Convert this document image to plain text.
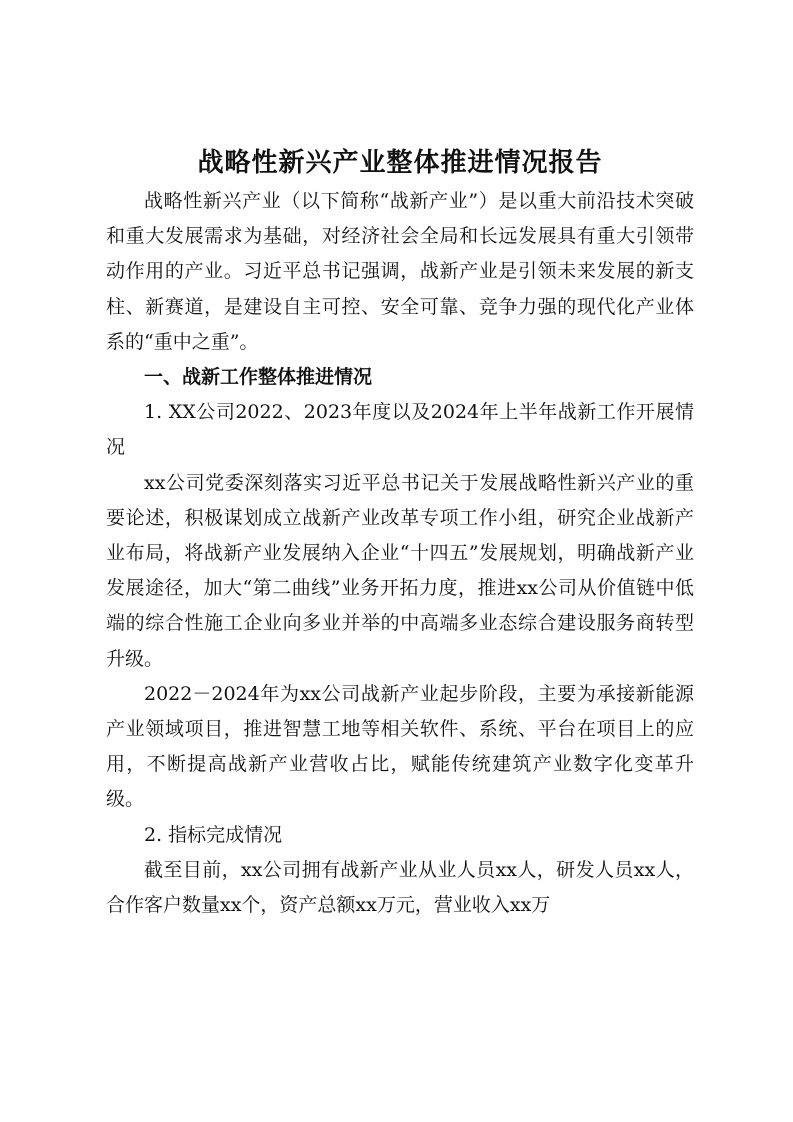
战略性新兴产业整体推进情况报告

战略性新兴产业（以下简称“战新产业”）是以重大前沿技术突破和重大发展需求为基础，对经济社会全局和长远发展具有重大引领带动作用的产业。习近平总书记强调，战新产业是引领未来发展的新支柱、新赛道，是建设自主可控、安全可靠、竞争力强的现代化产业体系的“重中之重”。

一、战新工作整体推进情况

1. XX公司2022、2023年度以及2024年上半年战新工作开展情况

xx公司党委深刻落实习近平总书记关于发展战略性新兴产业的重要论述，积极谋划成立战新产业改革专项工作小组，研究企业战新产业布局，将战新产业发展纳入企业“十四五”发展规划，明确战新产业发展途径，加大“第二曲线”业务开拓力度，推进xx公司从价值链中低端的综合性施工企业向多业并举的中高端多业态综合建设服务商转型升级。

2022－2024年为xx公司战新产业起步阶段，主要为承接新能源产业领域项目，推进智慧工地等相关软件、系统、平台在项目上的应用，不断提高战新产业营收占比，赋能传统建筑产业数字化变革升级。

2. 指标完成情况

截至目前，xx公司拥有战新产业从业人员xx人，研发人员xx人，合作客户数量xx个，资产总额xx万元，营业收入xx万
